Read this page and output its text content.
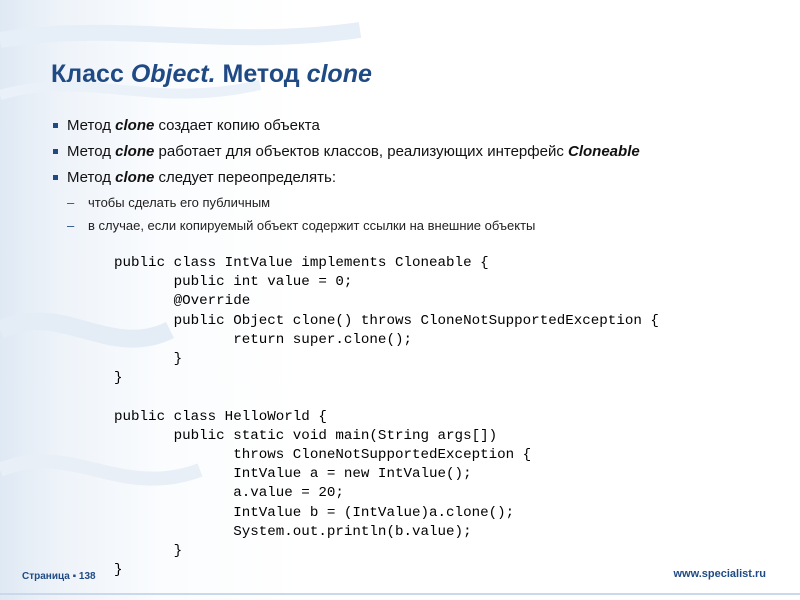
Класс Object. Метод clone
Метод clone создает копию объекта
Метод clone работает для объектов классов, реализующих интерфейс Cloneable
Метод clone следует переопределять:
– чтобы сделать его публичным
– в случае, если копируемый объект содержит ссылки на внешние объекты
public class IntValue implements Cloneable {
public int value = 0;
@Override
public Object clone() throws CloneNotSupportedException {
return super.clone();
}
}

public class HelloWorld {
public static void main(String args[])
throws CloneNotSupportedException {
IntValue a = new IntValue();
a.value = 20;
IntValue b = (IntValue)a.clone();
System.out.println(b.value);
}
}
Страница ▪ 138	www.specialist.ru
